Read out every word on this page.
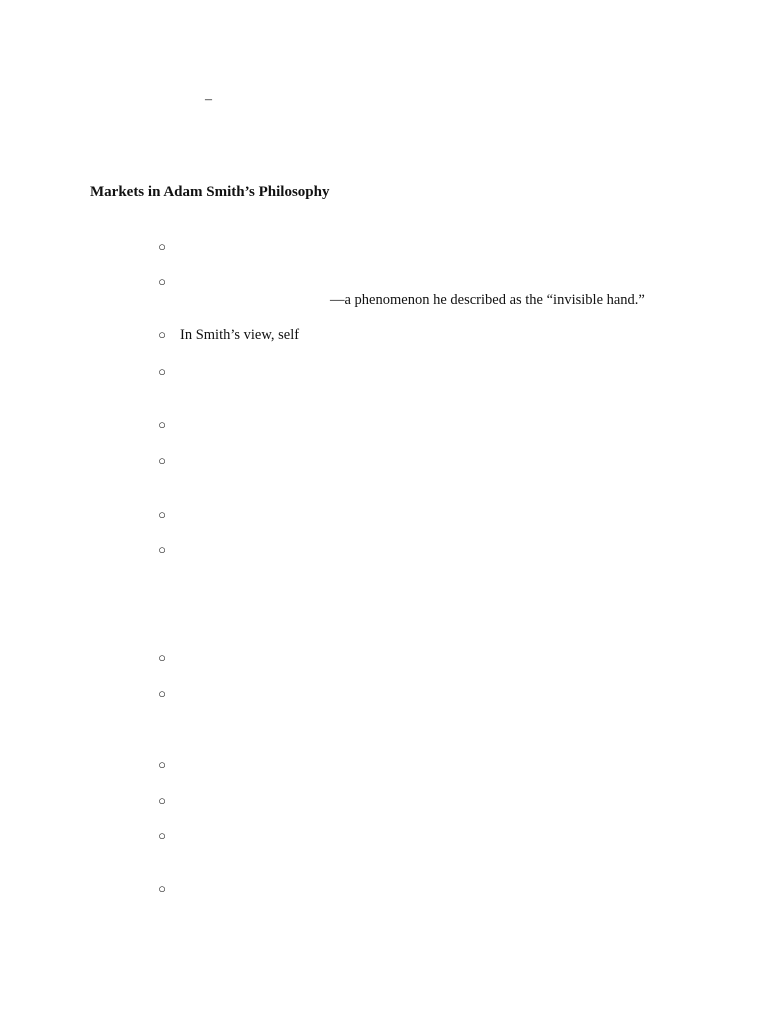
–
Markets in Adam Smith’s Philosophy
○
○
—a phenomenon he described as the “invisible hand.”
○ In Smith’s view, self
○
○
○
○
○
○
○
○
○
○
○
